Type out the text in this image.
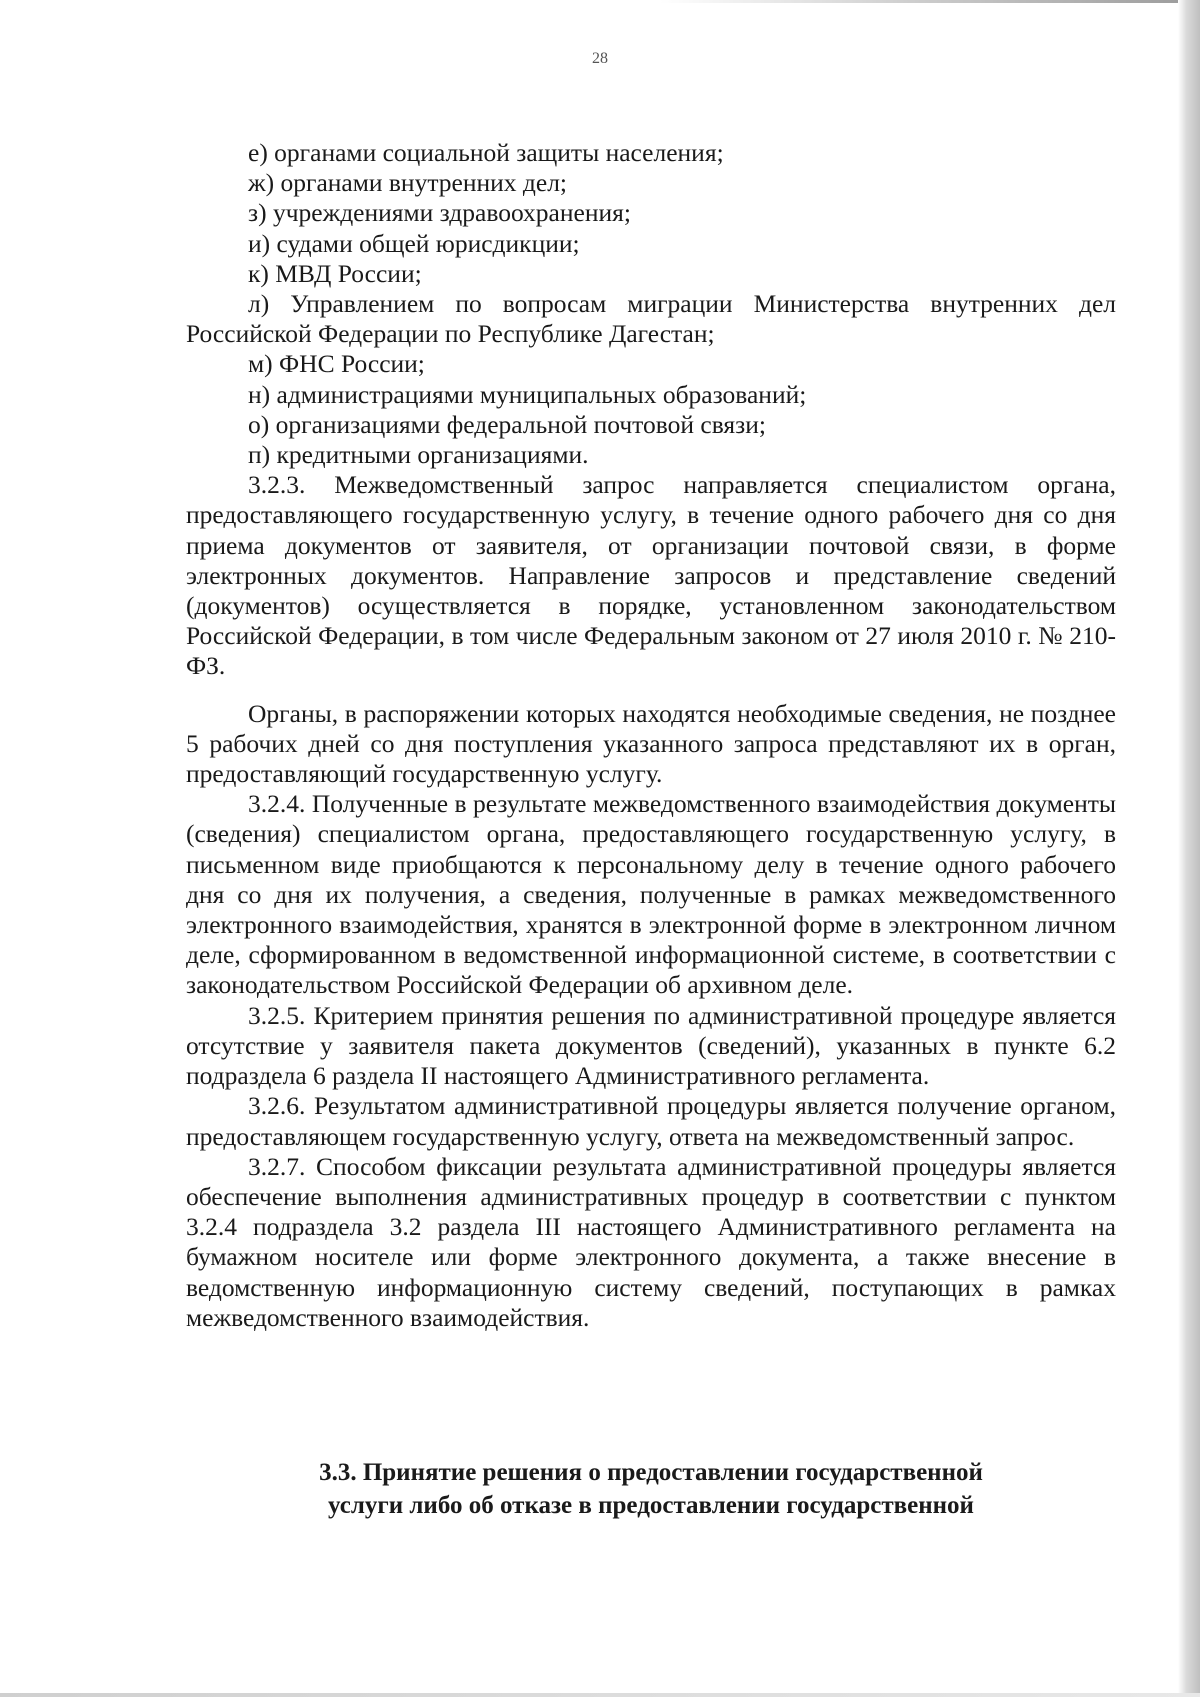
28

е) органами социальной защиты населения;

ж) органами внутренних дел;

з) учреждениями здравоохранения;

и) судами общей юрисдикции;

к) МВД России;

л) Управлением по вопросам миграции Министерства внутренних дел Российской Федерации по Республике Дагестан;

м) ФНС России;

н) администрациями муниципальных образований;

о) организациями федеральной почтовой связи;

п) кредитными организациями.

3.2.3. Межведомственный запрос направляется специалистом органа, предоставляющего государственную услугу, в течение одного рабочего дня со дня приема документов от заявителя, от организации почтовой связи, в форме электронных документов. Направление запросов и представление сведений (документов) осуществляется в порядке, установленном законодательством Российской Федерации, в том числе Федеральным законом от 27 июля 2010 г. № 210-ФЗ.

Органы, в распоряжении которых находятся необходимые сведения, не позднее 5 рабочих дней со дня поступления указанного запроса представляют их в орган, предоставляющий государственную услугу.

3.2.4. Полученные в результате межведомственного взаимодействия документы (сведения) специалистом органа, предоставляющего государственную услугу, в письменном виде приобщаются к персональному делу в течение одного рабочего дня со дня их получения, а сведения, полученные в рамках межведомственного электронного взаимодействия, хранятся в электронной форме в электронном личном деле, сформированном в ведомственной информационной системе, в соответствии с законодательством Российской Федерации об архивном деле.

3.2.5. Критерием принятия решения по административной процедуре является отсутствие у заявителя пакета документов (сведений), указанных в пункте 6.2 подраздела 6 раздела II настоящего Административного регламента.

3.2.6. Результатом административной процедуры является получение органом, предоставляющем государственную услугу, ответа на межведомственный запрос.

3.2.7. Способом фиксации результата административной процедуры является обеспечение выполнения административных процедур в соответствии с пунктом 3.2.4 подраздела 3.2 раздела III настоящего Административного регламента на бумажном носителе или форме электронного документа, а также внесение в ведомственную информационную систему сведений, поступающих в рамках межведомственного взаимодействия.

3.3. Принятие решения о предоставлении государственной
услуги либо об отказе в предоставлении государственной
